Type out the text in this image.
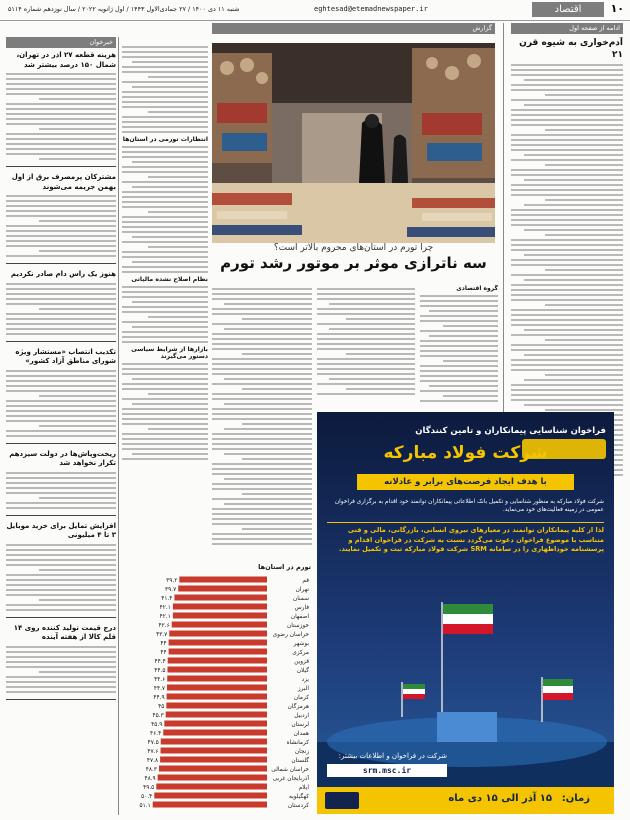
۱۰
اقتصاد
eghtesad@etemadnewspaper.ir
شنبه ۱۱ دی ۱۴۰۰ / ۲۷ جمادی‌الاول ۱۴۴۳ / اول ژانویه ۲۰۲۲ / سال نوزدهم شماره ۵۱۱۴
ادامه از صفحه اول
آدم‌خواری به شیوه قرن ۲۱
گزارش
چرا تورم در استان‌های محروم‌ بالاتر است؟
سه ناترازی موثر بر موتور رشد تورم
گروه اقتصادی
انتظارات تورمی در استان‌ها
نظام اصلاح نشده مالیاتی
بازارها از شرایط سیاسی دستور می‌گیرند
تورم در استان‌ها
قم
۳۹.۲
تهران
۳۹.۷
سمنان
۴۱.۴
فارس
۴۲.۱
اصفهان
۴۲.۱
خوزستان
۴۲.۶
خراسان رضوی
۴۳.۷
بوشهر
۴۴
مرکزی
۴۴
قزوین
۴۴.۴
گیلان
۴۴.۵
یزد
۴۴.۶
البرز
۴۴.۷
کرمان
۴۴.۹
هرمزگان
۴۵
اردبیل
۴۵.۳
لرستان
۴۵.۹
همدان
۴۶.۴
کرمانشاه
۴۷.۵
زنجان
۴۷.۶
گلستان
۴۷.۸
خراسان شمالی
۴۸.۳
آذربایجان غربی
۴۸.۹
ایلام
۴۹.۵
کهگیلویه
۵۰.۴
کردستان
۵۱.۱
خبرخوان
هزینه قطعه ۲۷ آذر در تهران، شمال ۱۵۰ درصد بیشتر شد
مشترکان پرمصرف برق از اول بهمن جریمه می‌شوند
هنوز یک ‌راس دام صادر نکردیم
تکذیب انتصاب «مستشار ویژه شورای مناطق آزاد کشور»
ریخت‌وپاش‌ها در دولت سیزدهم تکرار نخواهد شد
افزایش تمایل برای خرید موبایل ۳ تا ۴ میلیونی
درج قیمت تولید کننده روی ۱۴ قلم کالا از هفته آینده
فراخوان شناسایی پیمانکاران و تامین کنندگان
شرکت فولاد مبارکه
با هدف ایجاد فرصت‌های برابر و عادلانه
شرکت فولاد مبارکه به منظور شناسایی و تکمیل بانک اطلاعاتی پیمانکاران توانمند خود اقدام به برگزاری فراخوان عمومی در زمینه فعالیت‌های خود می‌نماید.
لذا از کلیه پیمانکاران توانمند در معیارهای نیروی انسانی، بازرگانی، مالی و فنی متناسب با موضوع فراخوان دعوت می‌گردد نسبت به شرکت در فراخوان اقدام و پرسشنامه خوداظهاری را در سامانه SRM شرکت فولاد مبارکه ثبت و تکمیل نمایند.
شرکت در فراخوان و اطلاعات بیشتر:
srm.msc.ir
زمان:
۱۵ آذر الی ۱۵ دی ماه
